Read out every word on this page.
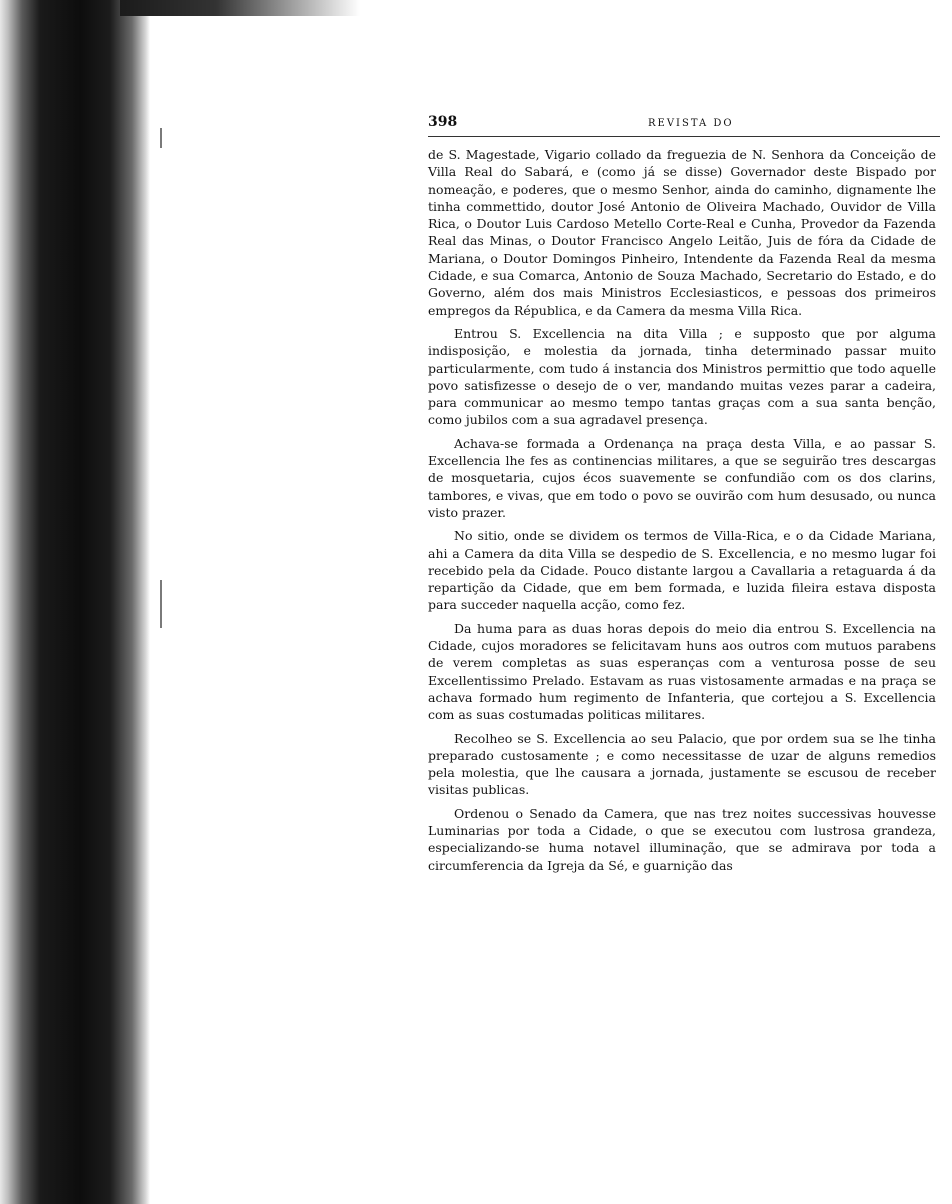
398	REVISTA DO

de S. Magestade, Vigario collado da freguezia de N. Senhora da Conceição de Villa Real do Sabará, e (como já se disse) Governador deste Bispado por nomeação, e poderes, que o mesmo Senhor, ainda do caminho, dignamente lhe tinha commettido, doutor José Antonio de Oliveira Machado, Ouvidor de Villa Rica, o Doutor Luis Cardoso Metello Corte-Real e Cunha, Provedor da Fazenda Real das Minas, o Doutor Francisco Angelo Leitão, Juis de fóra da Cidade de Mariana, o Doutor Domingos Pinheiro, Intendente da Fazenda Real da mesma Cidade, e sua Comarca, Antonio de Souza Machado, Secretario do Estado, e do Governo, além dos mais Ministros Ecclesiasticos, e pessoas dos primeiros empregos da Républica, e da Camera da mesma Villa Rica.

Entrou S. Excellencia na dita Villa ; e supposto que por alguma indisposição, e molestia da jornada, tinha determinado passar muito particularmente, com tudo á instancia dos Ministros permittio que todo aquelle povo satisfizesse o desejo de o ver, mandando muitas vezes parar a cadeira, para communicar ao mesmo tempo tantas graças com a sua santa benção, como jubilos com a sua agradavel presença.

Achava-se formada a Ordenança na praça desta Villa, e ao passar S. Excellencia lhe fes as continencias militares, a que se seguirão tres descargas de mosquetaria, cujos écos suavemente se confundião com os dos clarins, tambores, e vivas, que em todo o povo se ouvirão com hum desusado, ou nunca visto prazer.

No sitio, onde se dividem os termos de Villa-Rica, e o da Cidade Mariana, ahi a Camera da dita Villa se despedio de S. Excellencia, e no mesmo lugar foi recebido pela da Cidade. Pouco distante largou a Cavallaria a retaguarda á da repartição da Cidade, que em bem formada, e luzida fileira estava disposta para succeder naquella acção, como fez.

Da huma para as duas horas depois do meio dia entrou S. Excellencia na Cidade, cujos moradores se felicitavam huns aos outros com mutuos parabens de verem completas as suas esperanças com a venturosa posse de seu Excellentissimo Prelado. Estavam as ruas vistosamente armadas e na praça se achava formado hum regimento de Infanteria, que cortejou a S. Excellencia com as suas costumadas politicas militares.

Recolheo se S. Excellencia ao seu Palacio, que por ordem sua se lhe tinha preparado custosamente ; e como necessitasse de uzar de alguns remedios pela molestia, que lhe causara a jornada, justamente se escusou de receber visitas publicas.

Ordenou o Senado da Camera, que nas trez noites successivas houvesse Luminarias por toda a Cidade, o que se executou com lustrosa grandeza, especializando-se huma notavel illuminação, que se admirava por toda a circumferencia da Igreja da Sé, e guarnição das
